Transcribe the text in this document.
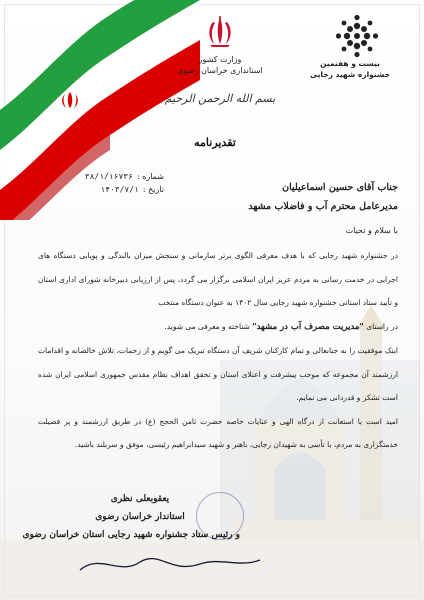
وزارت کشور
استانداری خراسان رضوی
بیست و هفتمین
جشنواره شهید رجایی
بسم الله الرحمن الرحیم
تقدیرنامه
شماره :
۳۸/۱/۱۶۷۳۶
تاریخ :
۱۴۰۳/۷/۱	جناب آقای حسین اسماعیلیان
مدیرعامل محترم آب و فاضلاب مشهد
با سلام و تحیات

در جشنواره شهید رجایی که با هدف معرفی الگوی برتر سازمانی و سنجش میزان بالندگی و پویایی دستگاه های اجرایی در خدمت رسانی به مردم عزیز ایران اسلامی برگزار می گردد، پس از ارزیابی دبیرخانه شورای اداری استان و تأیید ستاد استانی جشنواره شهید رجایی سال ۱۴۰۲ به عنوان دستگاه منتخب

در راستای "مدیریت مصرف آب در مشهد" شناخته و معرفی می شوید.

اینک موفقیت را به جنابعالی و تمام کارکنان شریف آن دستگاه تبریک می گویم و از زحمات، تلاش خالصانه و اقدامات ارزشمند آن مجموعه که موجب پیشرفت و اعتلای استان و تحقق اهداف نظام مقدس جمهوری اسلامی ایران شده است تشکر و قدردانی می نمایم.

امید است با استعانت از درگاه الهی و عنایات خاصه حضرت ثامن الحجج (ع) در طریق ارزشمند و پر فضیلت خدمتگزاری به مردم، با تأسی به شهیدان رجایی، باهنر و شهید سیدابراهیم رئیسی، موفق و سربلند باشید.

یعقوبعلی نظری
استاندار خراسان رضوی
و رئیس ستاد جشنواره شهید رجایی استان خراسان رضوی
